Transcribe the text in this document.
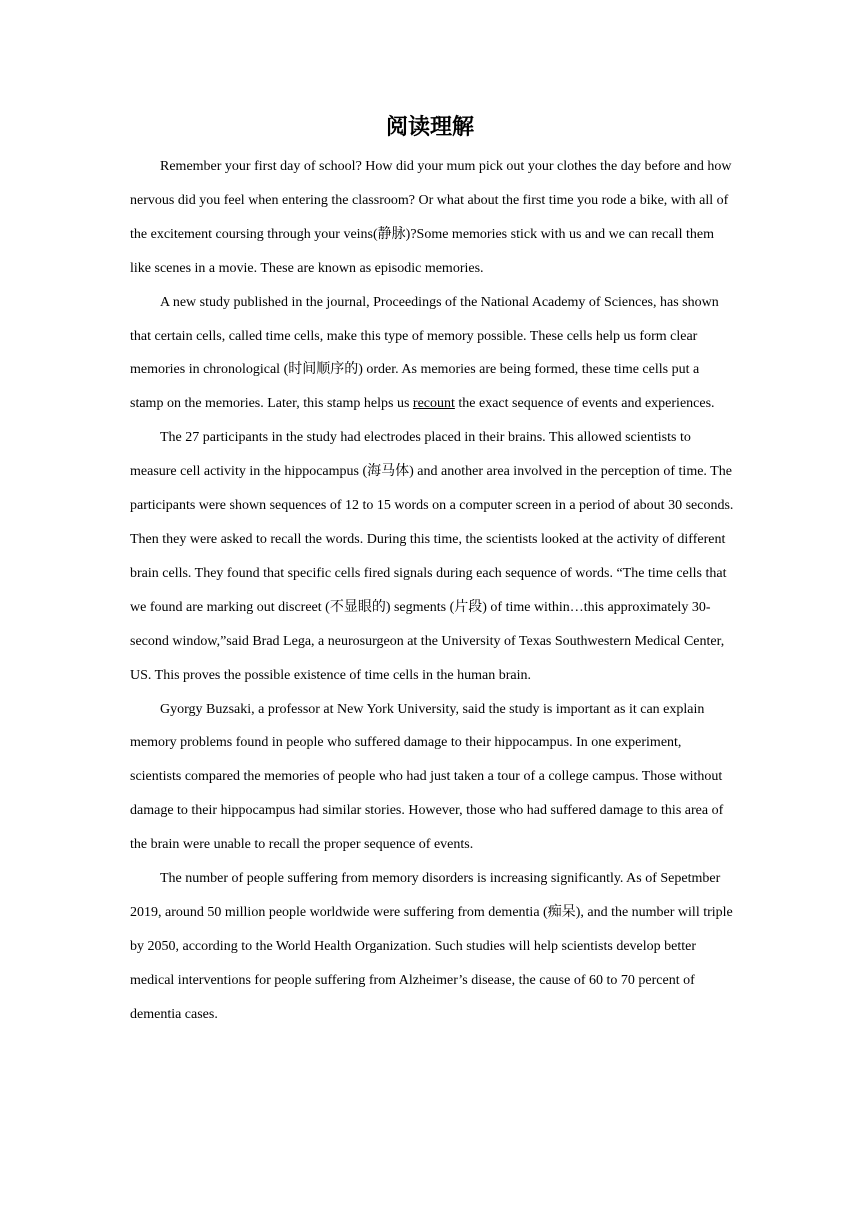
阅读理解

Remember your first day of school? How did your mum pick out your clothes the day before and how nervous did you feel when entering the classroom? Or what about the first time you rode a bike, with all of the excitement coursing through your veins(静脉)?Some memories stick with us and we can recall them like scenes in a movie. These are known as episodic memories.

A new study published in the journal, Proceedings of the National Academy of Sciences, has shown that certain cells, called time cells, make this type of memory possible. These cells help us form clear memories in chronological (时间顺序的) order. As memories are being formed, these time cells put a stamp on the memories. Later, this stamp helps us recount the exact sequence of events and experiences.

The 27 participants in the study had electrodes placed in their brains. This allowed scientists to measure cell activity in the hippocampus (海马体) and another area involved in the perception of time. The participants were shown sequences of 12 to 15 words on a computer screen in a period of about 30 seconds. Then they were asked to recall the words. During this time, the scientists looked at the activity of different brain cells. They found that specific cells fired signals during each sequence of words. “The time cells that we found are marking out discreet (不显眼的) segments (片段) of time within…this approximately 30-second window,”said Brad Lega, a neurosurgeon at the University of Texas Southwestern Medical Center, US. This proves the possible existence of time cells in the human brain.

Gyorgy Buzsaki, a professor at New York University, said the study is important as it can explain memory problems found in people who suffered damage to their hippocampus. In one experiment, scientists compared the memories of people who had just taken a tour of a college campus. Those without damage to their hippocampus had similar stories. However, those who had suffered damage to this area of the brain were unable to recall the proper sequence of events.

The number of people suffering from memory disorders is increasing significantly. As of Sepetmber 2019, around 50 million people worldwide were suffering from dementia (痴呆), and the number will triple by 2050, according to the World Health Organization. Such studies will help scientists develop better medical interventions for people suffering from Alzheimer’s disease, the cause of 60 to 70 percent of dementia cases.
